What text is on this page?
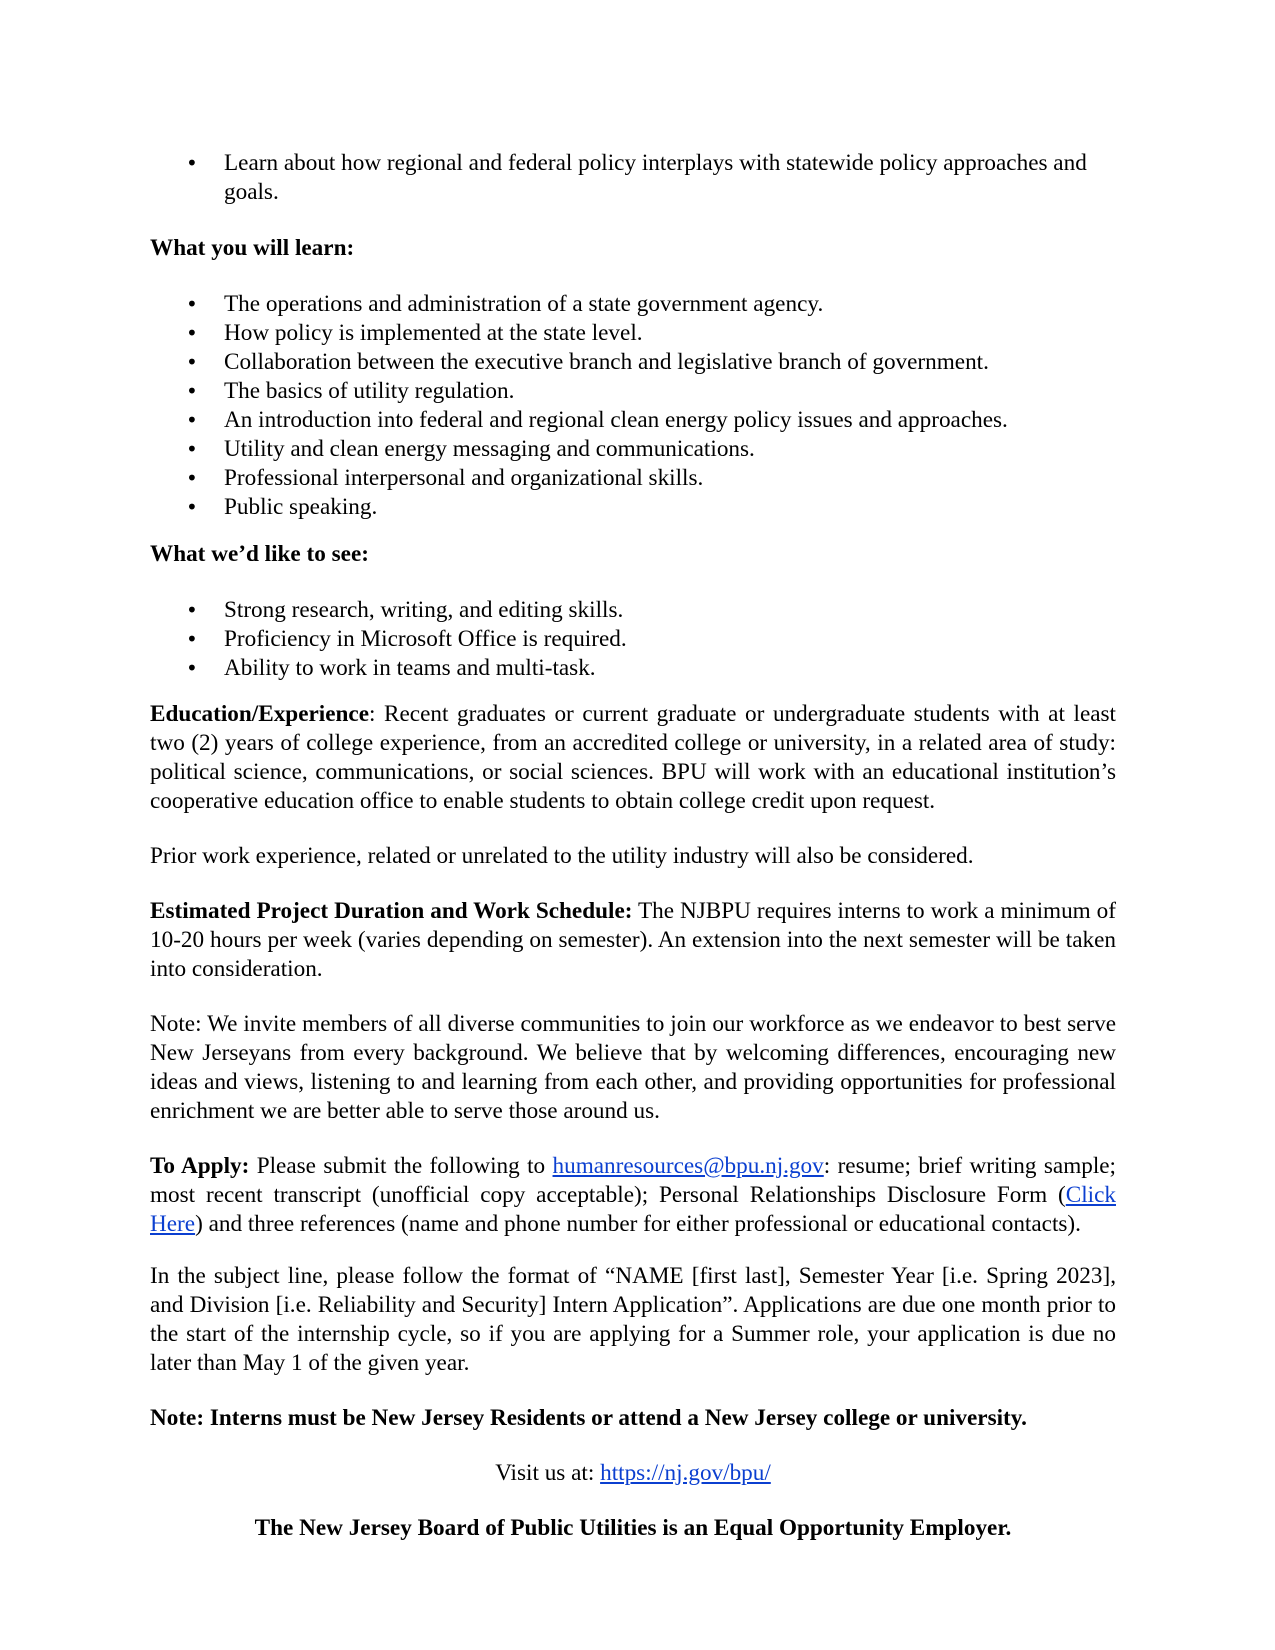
• Learn about how regional and federal policy interplays with statewide policy approaches and goals.
What you will learn:
• The operations and administration of a state government agency.
• How policy is implemented at the state level.
• Collaboration between the executive branch and legislative branch of government.
• The basics of utility regulation.
• An introduction into federal and regional clean energy policy issues and approaches.
• Utility and clean energy messaging and communications.
• Professional interpersonal and organizational skills.
• Public speaking.
What we’d like to see:
• Strong research, writing, and editing skills.
• Proficiency in Microsoft Office is required.
• Ability to work in teams and multi-task.

Education/Experience: Recent graduates or current graduate or undergraduate students with at least two (2) years of college experience, from an accredited college or university, in a related area of study: political science, communications, or social sciences. BPU will work with an educational institution’s cooperative education office to enable students to obtain college credit upon request.

Prior work experience, related or unrelated to the utility industry will also be considered.

Estimated Project Duration and Work Schedule: The NJBPU requires interns to work a minimum of 10-20 hours per week (varies depending on semester). An extension into the next semester will be taken into consideration.

Note: We invite members of all diverse communities to join our workforce as we endeavor to best serve New Jerseyans from every background. We believe that by welcoming differences, encouraging new ideas and views, listening to and learning from each other, and providing opportunities for professional enrichment we are better able to serve those around us.

To Apply: Please submit the following to humanresources@bpu.nj.gov: resume; brief writing sample; most recent transcript (unofficial copy acceptable); Personal Relationships Disclosure Form (Click Here) and three references (name and phone number for either professional or educational contacts).

In the subject line, please follow the format of “NAME [first last], Semester Year [i.e. Spring 2023], and Division [i.e. Reliability and Security] Intern Application”. Applications are due one month prior to the start of the internship cycle, so if you are applying for a Summer role, your application is due no later than May 1 of the given year.

Note: Interns must be New Jersey Residents or attend a New Jersey college or university.

Visit us at: https://nj.gov/bpu/

The New Jersey Board of Public Utilities is an Equal Opportunity Employer.
